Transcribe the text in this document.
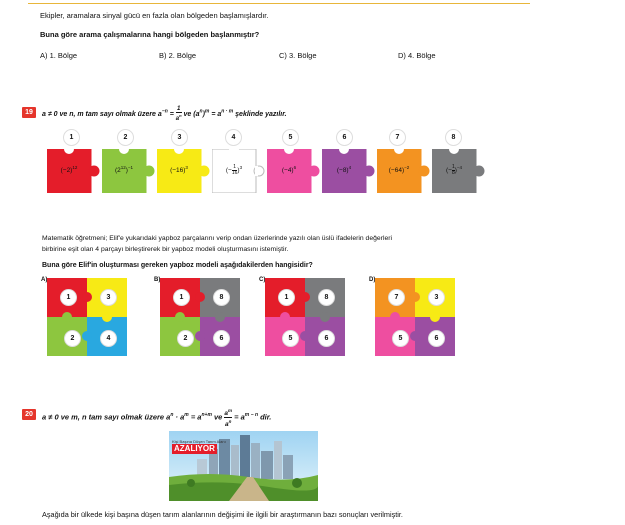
Ekipler, aramalara sinyal gücü en fazla olan bölgeden başlamışlardır.
Buna göre arama çalışmalarına hangi bölgeden başlanmıştır?
A) 1. Bölge	B) 2. Bölge	C) 3. Bölge	D) 4. Bölge
19	a ≠ 0 ve n, m tam sayı olmak üzere $a^{-n} = \frac{1}{a^n}$ ve $(a^n)^m = a^{n \cdot m}$ şeklinde yazılır.
1
$(-2)^{12}$
2
$(2^{12})^{-1}$
3
$(-16)^3$
4
(− $\frac{1}{16} )^3$
5
$(-4)^6$
6
$(-8)^4$
7
$(-64)^{-2}$
8
(− $\frac{1}{8} )^{-4}$
Matematik öğretmeni; Elif'e yukarıdaki yapboz parçalarını verip ondan üzerlerinde yazılı olan üslü ifadelerin değerleri
birbirine eşit olan 4 parçayı birleştirerek bir yapboz modeli oluşturmasını istemiştir.
Buna göre Elif'in oluşturması gereken yapboz modeli aşağıdakilerden hangisidir?
A)
1	3
2	4
B)
1	8
2	6
C)
1	8
5	6
D)
7	3
5	6
20	a ≠ 0 ve m, n tam sayı olmak üzere $a^n \cdot a^m = a^{n+m}$ ve $\frac{a^m}{a^n} = a^{m - n}$ dir.
Kişi Başına Düşen Tarım Alanı
AZALIYOR
Aşağıda bir ülkede kişi başına düşen tarım alanlarının değişimi ile ilgili bir araştırmanın bazı sonuçları verilmiştir.
